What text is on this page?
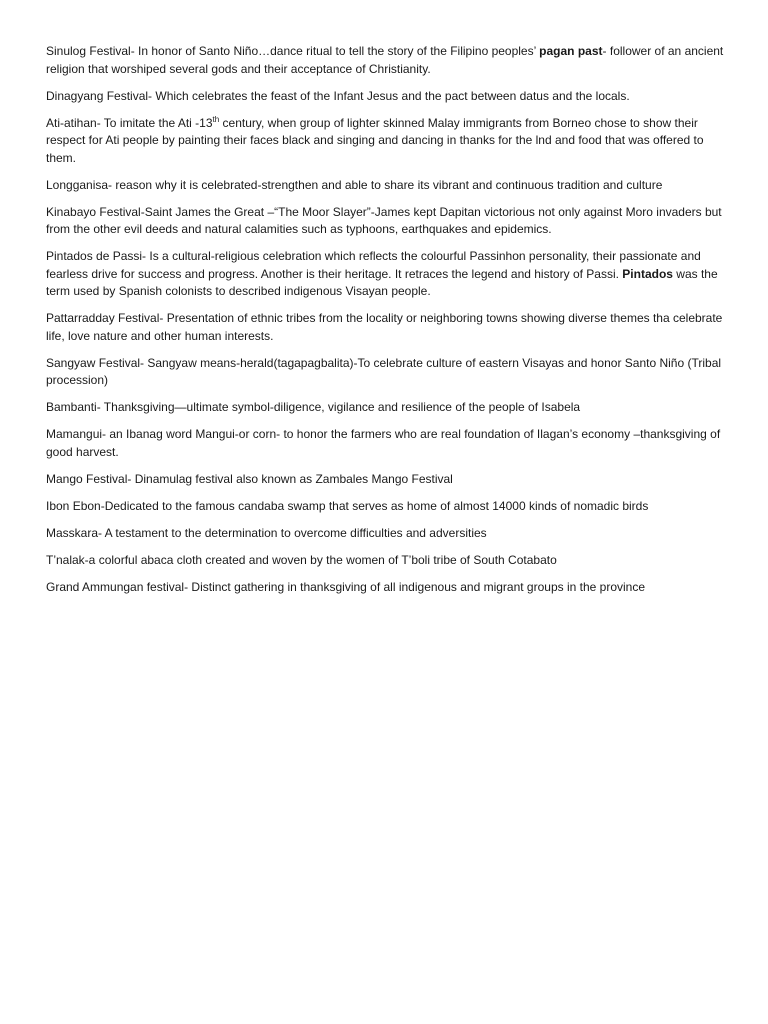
Sinulog Festival- In honor of Santo Niño…dance ritual to tell the story of the Filipino peoples’ pagan past- follower of an ancient religion that worshiped several gods and their acceptance of Christianity.

Dinagyang Festival- Which celebrates the feast of the Infant Jesus and the pact between datus and the locals.

Ati-atihan- To imitate the Ati -13th century, when group of lighter skinned Malay immigrants from Borneo chose to show their respect for Ati people by painting their faces black and singing and dancing in thanks for the lnd and food that was offered to them.

Longganisa- reason why it is celebrated-strengthen and able to share its vibrant and continuous tradition and culture

Kinabayo Festival-Saint James the Great –“The Moor Slayer”-James kept Dapitan victorious not only against Moro invaders but from the other evil deeds and natural calamities such as typhoons, earthquakes and epidemics.

Pintados de Passi- Is a cultural-religious celebration which reflects the colourful Passinhon personality, their passionate and fearless drive for success and progress. Another is their heritage. It retraces the legend and history of Passi. Pintados was the term used by Spanish colonists to described indigenous Visayan people.

Pattarradday Festival- Presentation of ethnic tribes from the locality or neighboring towns showing diverse themes tha celebrate life, love nature and other human interests.

Sangyaw Festival- Sangyaw means-herald(tagapagbalita)-To celebrate culture of eastern Visayas and honor Santo Niño (Tribal procession)

Bambanti- Thanksgiving—ultimate symbol-diligence, vigilance and resilience of the people of Isabela

Mamangui- an Ibanag word Mangui-or corn- to honor the farmers who are real foundation of Ilagan’s economy –thanksgiving of good harvest.

Mango Festival- Dinamulag festival also known as Zambales Mango Festival

Ibon Ebon-Dedicated to the famous candaba swamp that serves as home of almost 14000 kinds of nomadic birds

Masskara- A testament to the determination to overcome difficulties and adversities

T’nalak-a colorful abaca cloth created and woven by the women of T’boli tribe of South Cotabato

Grand Ammungan festival- Distinct gathering in thanksgiving of all indigenous and migrant groups in the province
